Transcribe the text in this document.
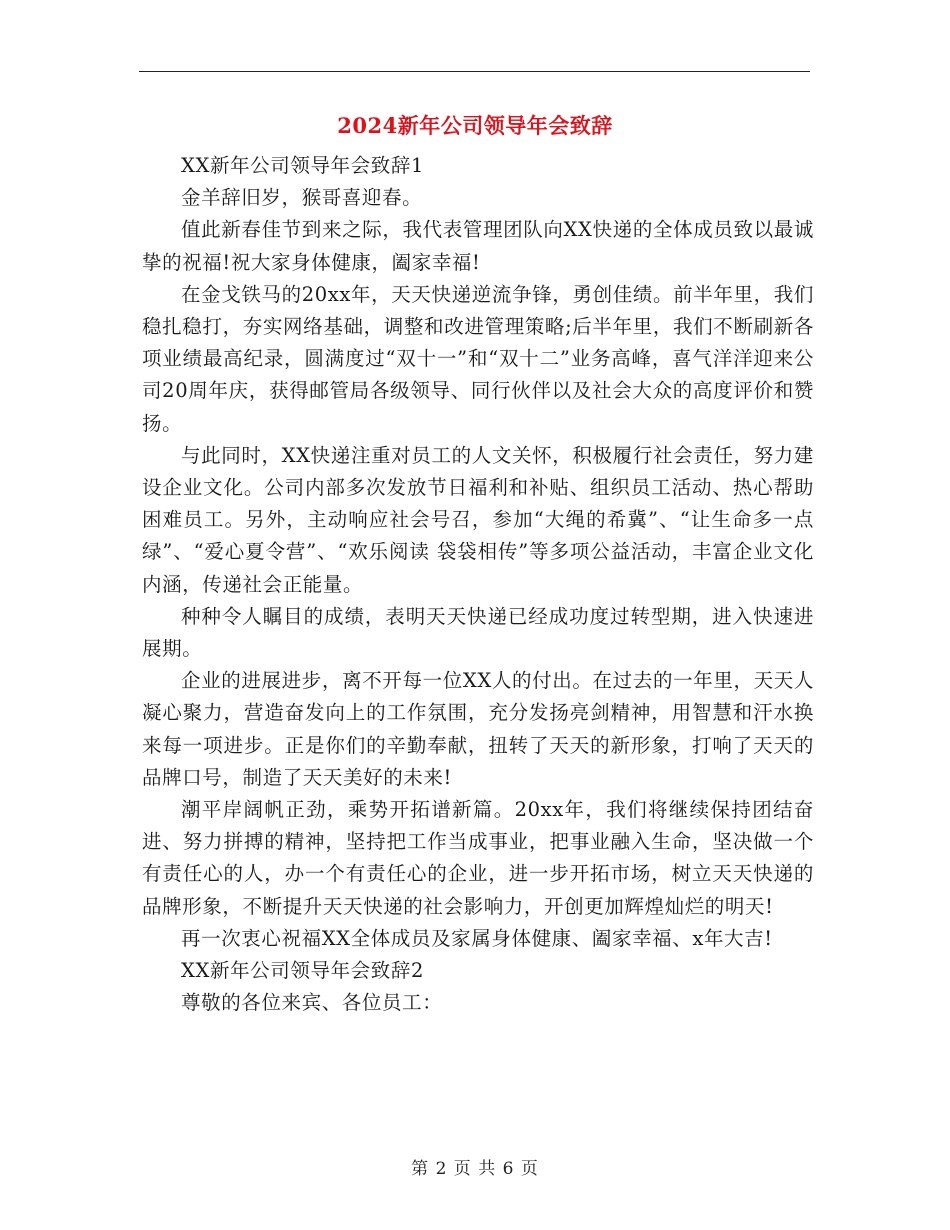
2024新年公司领导年会致辞

XX新年公司领导年会致辞1

金羊辞旧岁，猴哥喜迎春。

值此新春佳节到来之际，我代表管理团队向XX快递的全体成员致以最诚挚的祝福!祝大家身体健康，阖家幸福!

在金戈铁马的20xx年，天天快递逆流争锋，勇创佳绩。前半年里，我们稳扎稳打，夯实网络基础，调整和改进管理策略;后半年里，我们不断刷新各项业绩最高纪录，圆满度过“双十一”和“双十二”业务高峰，喜气洋洋迎来公司20周年庆，获得邮管局各级领导、同行伙伴以及社会大众的高度评价和赞扬。

与此同时，XX快递注重对员工的人文关怀，积极履行社会责任，努力建设企业文化。公司内部多次发放节日福利和补贴、组织员工活动、热心帮助困难员工。另外，主动响应社会号召，参加“大绳的希冀”、“让生命多一点绿”、“爱心夏令营”、“欢乐阅读 袋袋相传”等多项公益活动，丰富企业文化内涵，传递社会正能量。

种种令人瞩目的成绩，表明天天快递已经成功度过转型期，进入快速进展期。

企业的进展进步，离不开每一位XX人的付出。在过去的一年里，天天人凝心聚力，营造奋发向上的工作氛围，充分发扬亮剑精神，用智慧和汗水换来每一项进步。正是你们的辛勤奉献，扭转了天天的新形象，打响了天天的品牌口号，制造了天天美好的未来!

潮平岸阔帆正劲，乘势开拓谱新篇。20xx年，我们将继续保持团结奋进、努力拼搏的精神，坚持把工作当成事业，把事业融入生命，坚决做一个有责任心的人，办一个有责任心的企业，进一步开拓市场，树立天天快递的品牌形象，不断提升天天快递的社会影响力，开创更加辉煌灿烂的明天!

再一次衷心祝福XX全体成员及家属身体健康、阖家幸福、x年大吉!

XX新年公司领导年会致辞2

尊敬的各位来宾、各位员工：

第 2 页 共 6 页
